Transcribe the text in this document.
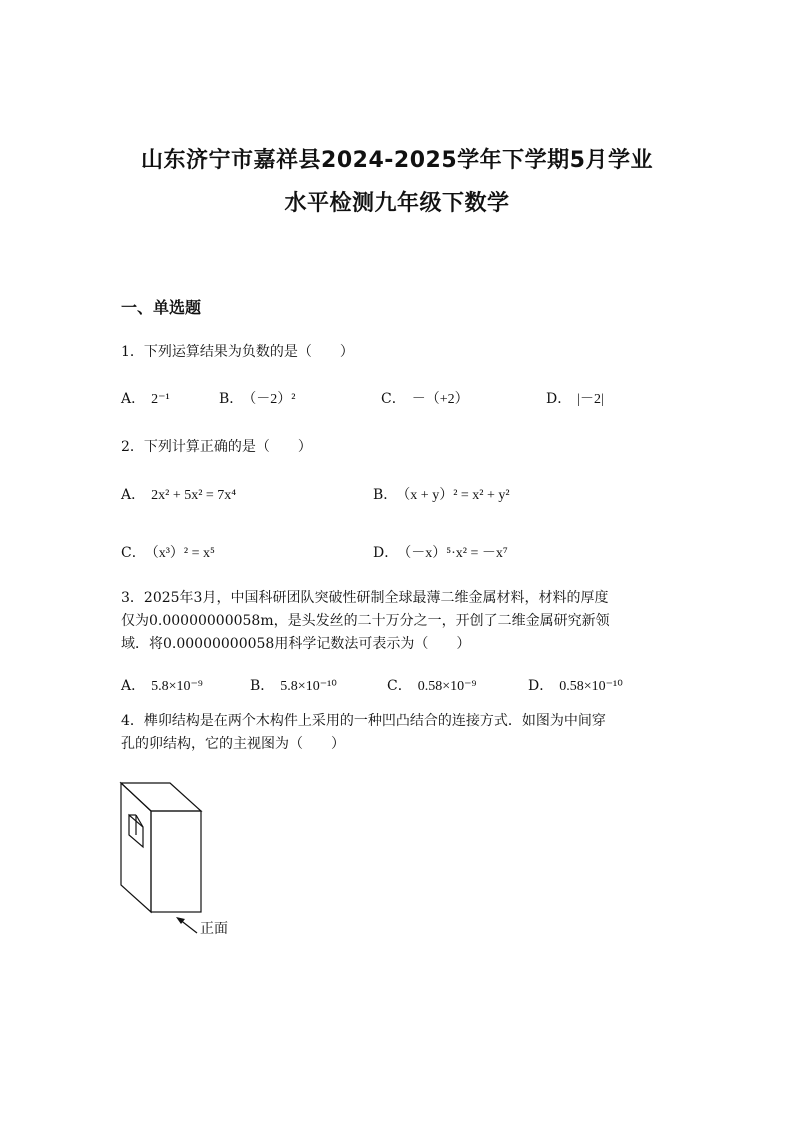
山东济宁市嘉祥县2024-2025学年下学期5月学业
水平检测九年级下数学
一、单选题
1．下列运算结果为负数的是（　　）
A． 2⁻¹	B． （－2）²	C． －（+2）	D． |－2|
2．下列计算正确的是（　　）
A． 2x² + 5x² = 7x⁴	B． （x + y）² = x² + y²
C． （x³）² = x⁵	D． （－x）⁵·x² = －x⁷
3．2025年3月，中国科研团队突破性研制全球最薄二维金属材料，材料的厚度
仅为0.00000000058m，是头发丝的二十万分之一，开创了二维金属研究新领
域．将0.00000000058用科学记数法可表示为（　　）
A． 5.8×10⁻⁹	B． 5.8×10⁻¹⁰	C． 0.58×10⁻⁹	D． 0.58×10⁻¹⁰
4．榫卯结构是在两个木构件上采用的一种凹凸结合的连接方式．如图为中间穿
孔的卯结构，它的主视图为（　　）
正面
